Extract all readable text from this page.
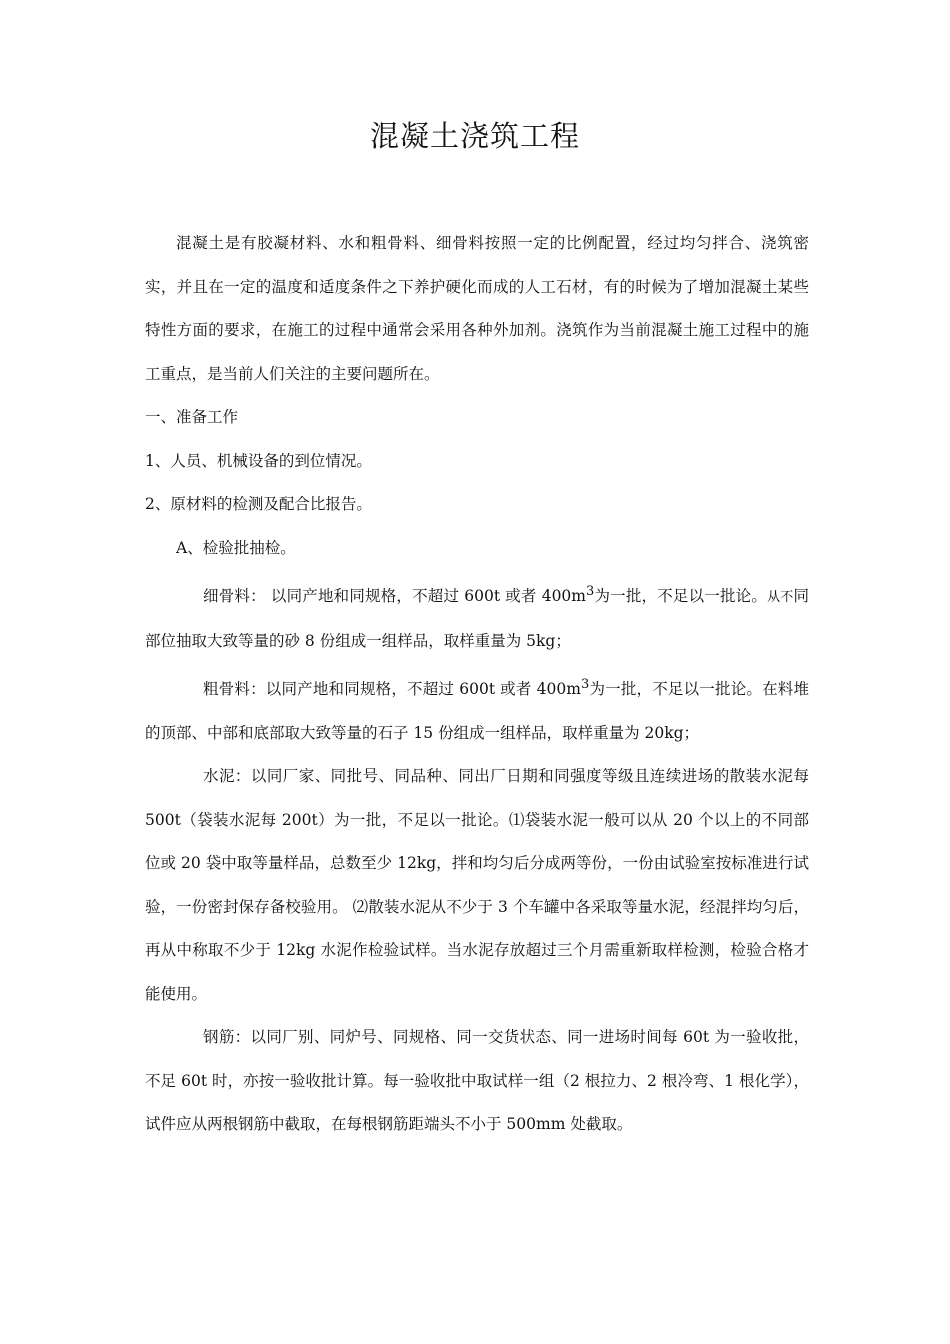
混凝土浇筑工程

混凝土是有胶凝材料、水和粗骨料、细骨料按照一定的比例配置，经过均匀拌合、浇筑密实，并且在一定的温度和适度条件之下养护硬化而成的人工石材，有的时候为了增加混凝土某些特性方面的要求，在施工的过程中通常会采用各种外加剂。浇筑作为当前混凝土施工过程中的施工重点，是当前人们关注的主要问题所在。

一、准备工作

1、人员、机械设备的到位情况。

2、原材料的检测及配合比报告。

A、检验批抽检。

细骨料： 以同产地和同规格，不超过 600t 或者 $400m^3$为一批，不足以一批论。从不同部位抽取大致等量的砂 8 份组成一组样品，取样重量为 5kg；

粗骨料：以同产地和同规格，不超过 600t 或者 $400m^3$为一批，不足以一批论。在料堆的顶部、中部和底部取大致等量的石子 15 份组成一组样品，取样重量为 20kg；

水泥：以同厂家、同批号、同品种、同出厂日期和同强度等级且连续进场的散装水泥每 500t（袋装水泥每 200t）为一批，不足以一批论。⑴袋装水泥一般可以从 20 个以上的不同部位或 20 袋中取等量样品，总数至少 12kg，拌和均匀后分成两等份，一份由试验室按标准进行试验，一份密封保存备校验用。 ⑵散装水泥从不少于 3 个车罐中各采取等量水泥，经混拌均匀后，再从中称取不少于 12kg 水泥作检验试样。当水泥存放超过三个月需重新取样检测，检验合格才能使用。

钢筋：以同厂别、同炉号、同规格、同一交货状态、同一进场时间每 60t 为一验收批，不足 60t 时，亦按一验收批计算。每一验收批中取试样一组（2 根拉力、2 根冷弯、1 根化学），试件应从两根钢筋中截取，在每根钢筋距端头不小于 500mm 处截取。
